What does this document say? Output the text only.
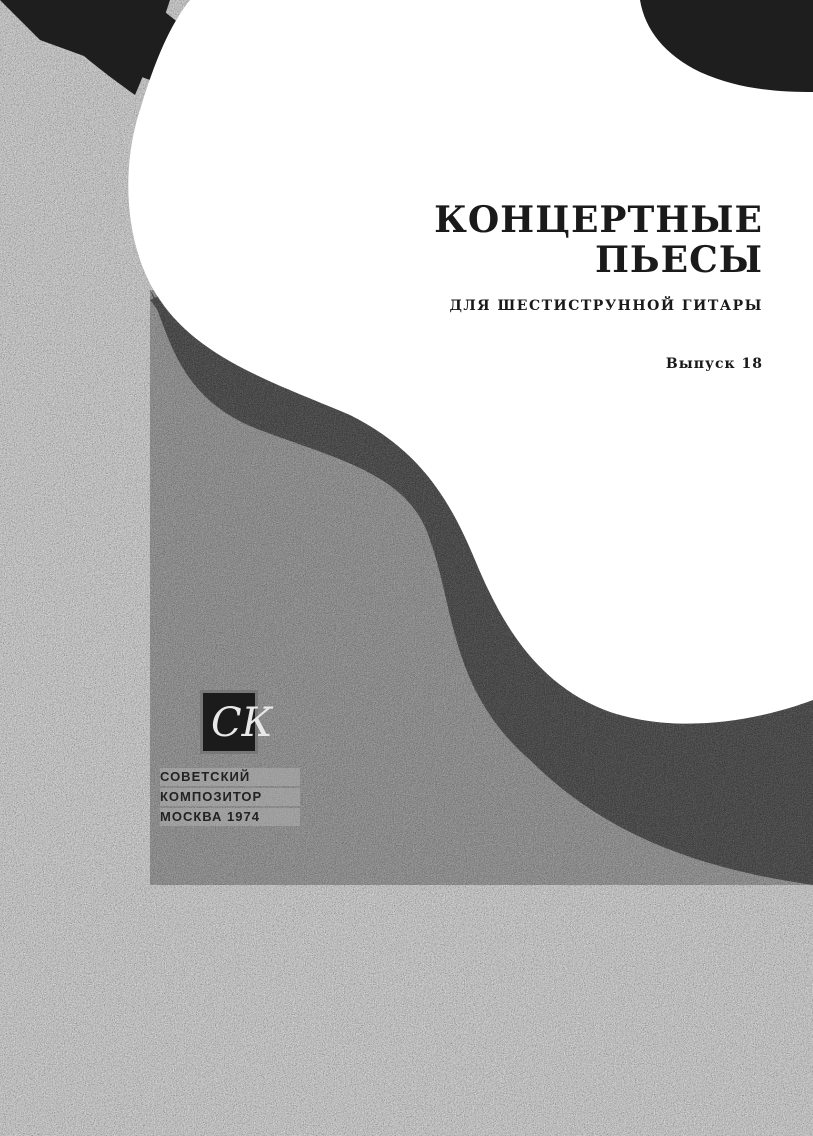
КОНЦЕРТНЫЕ
ПЬЕСЫ
ДЛЯ ШЕСТИСТРУННОЙ ГИТАРЫ
Выпуск 18
СК
СОВЕТСКИЙ
КОМПОЗИТОР
МОСКВА 1974
